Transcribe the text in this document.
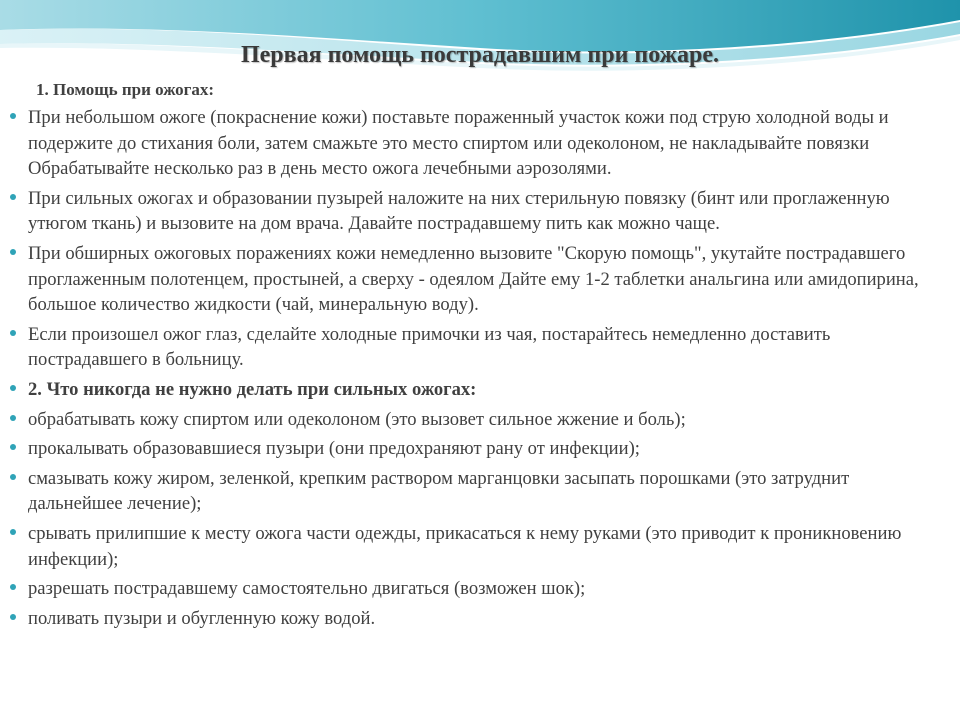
Первая помощь пострадавшим при пожаре.
1. Помощь при ожогах:
При небольшом ожоге (покраснение кожи) поставьте пораженный участок кожи под струю холодной воды и подержите до стихания боли, затем смажьте это место спиртом или одеколоном, не накладывайте повязки Обрабатывайте несколько раз в день место ожога лечебными аэрозолями.
При сильных ожогах и образовании пузырей наложите на них стерильную повязку (бинт или проглаженную утюгом ткань) и вызовите на дом врача. Давайте пострадавшему пить как можно чаще.
При обширных ожоговых поражениях кожи немедленно вызовите "Скорую помощь", укутайте пострадавшего проглаженным полотенцем, простыней, а сверху - одеялом Дайте ему 1-2 таблетки анальгина или амидопирина, большое количество жидкости (чай, минеральную воду).
Если произошел ожог глаз, сделайте холодные примочки из чая, постарайтесь немедленно доставить пострадавшего в больницу.
2. Что никогда не нужно делать при сильных ожогах:
обрабатывать кожу спиртом или одеколоном (это вызовет сильное жжение и боль);
прокалывать образовавшиеся пузыри (они предохраняют рану от инфекции);
смазывать кожу жиром, зеленкой, крепким раствором марганцовки засыпать порошками (это затруднит дальнейшее лечение);
срывать прилипшие к месту ожога части одежды, прикасаться к нему руками (это приводит к проникновению инфекции);
разрешать пострадавшему самостоятельно двигаться (возможен шок);
поливать пузыри и обугленную кожу водой.
